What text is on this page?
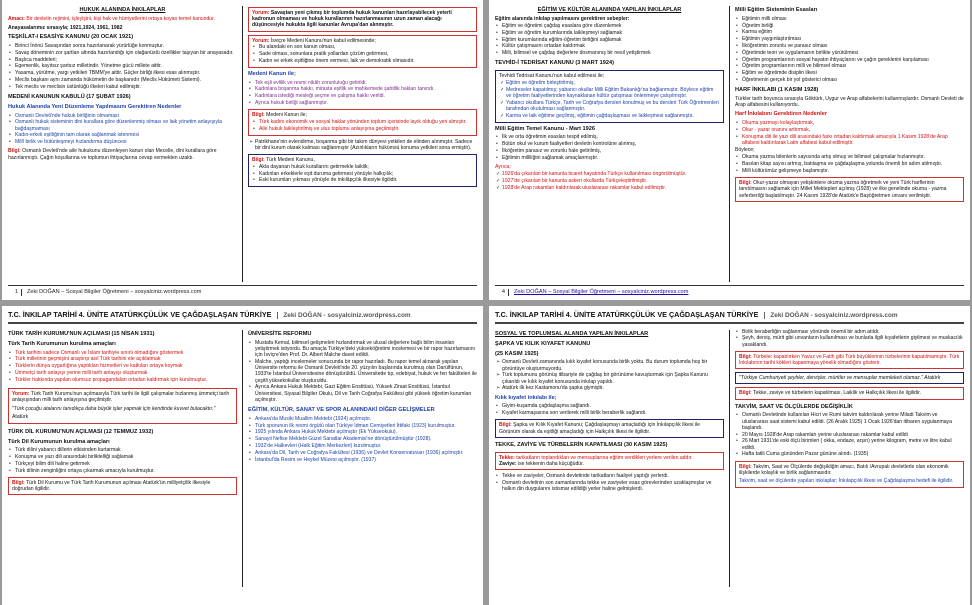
HUKUK ALANINDA İNKILAPLAR

Amacı: Bir devletin rejimini, işleyişini, kişi hak ve hürriyetlerini ortaya koyan temel kanundur.

Anayasalarımız sırasıyla; 1921,1924, 1961, 1982

TEŞKİLAT-I ESASİYE KANUNU (20 OCAK 1921)
• Birinci İnönü Savaşından sonra hazırlanarak yürürlüğe konmuştur.
• Savaş döneminin zor şartları altında hazırlandığı için olağanüstü özellikler taşıyan bir anayasadır.
• Başlıca maddeleri;
• Egemenlik, kayıtsız şartsız milletindir. Yönetme gücü millete aittir.
• Yasama, yürütme, yargı yetkileri TBMM'ye aittir. Güçler birliği ilkesi esas alınmıştır.
• Meclis başkanı aynı zamanda hükümetin de başkanıdır (Meclis Hükümeti Sistemi).
• Tek meclis ve meclisin üstünlüğü ilkeleri kabul edilmiştir.
MEDENİ KANUNUN KABULÜ (17 ŞUBAT 1926)
Hukuk Alanında Yeni Düzenleme Yapılmasını Gerektiren Nedenler
• Osmanlı Devleti'nde hukuk birliğinin olmaması
• Osmanlı hukuk sisteminin dini kurallara göre düzenlenmiş olması ve laik yönetim anlayışıyla bağdaşmaması
• Kadın-erkek eşitliğinin tam olarak sağlanmak istenmesi
• Millî birlik ve bütünleşmeyi hızlandırma düşüncesi

Bilgi: Osmanlı Devleti'nde aile hukukunu düzenleyen kanun olan Mecelle, dini kurallara göre hazırlanmıştı. Çağın koşullarına ve toplumun ihtiyaçlarına cevap vermekten uzaktı.

Yorum: Savaştan yeni çıkmış bir toplumda hukuk kanunları hazırlayabilecek yeterli kadronun olmaması ve hukuk kurallarının hazırlanmasının uzun zaman alacağı düşüncesiyle hukukta ilgili kanunlar Avrupa'dan alınmıştır.
Yorum: İsviçre Medeni Kanunu'nun kabul edilmesinde;
• Bu alandaki en son kanun olması,
• Sade olması, sonunlara pratik yollardan çözüm getirmesi,
• Kadın ve erkek eşitliğine önem vermesi, laik ve demokratik olmasıdır.
Medeni Kanun ile;
• Tek eşli evlilik ve resmi nikâh zorunluluğu getirildi.
• Kadınlara boşanma hakkı, mirasta eşitlik ve mahkemede şahitlik hakları tanındı.
• Kadınlara istediği mesleği seçme ve çalışma hakkı verildi.
• Ayrıca hukuk birliği sağlanmıştır.
Bilgi: Medeni Kanun ile;
• Türk kadını ekonomik ve sosyal haklar yönünden toplum içerisinde layık olduğu yeri almıştır.
• Aile hukuk laikleştirilmiş ve ulus toplumu anlayışına geçilmiştir.
➢ Patrikhane'nin evlendirme, boşanma gibi bir takım dünyevi yetkileri de elinden alınmıştır. Sadece bir dini kurum olarak kalması sağlanmıştır (Azınlıkların hükümsü konuma yetkileri sona ermiştir).
Bilgi: Türk Medeni Kanunu,
• Akla dayanan hukuk kurallarını getirmekle laiklik;
• Kadınları erkeklerle eşit duruma getirmesi yönüyle halkçılık;
• Eski kurumları yıkması yönüyle de inkılâpçılık ilkesiyle ilgilidir.
1 Zeki DOĞAN – Sosyal Bilgiler Öğretmeni – sosyalciniz.wordpress.com
EĞİTİM VE KÜLTÜR ALANINDA YAPILAN İNKILAPLAR

Eğitim alanında inkılap yapılmasını gerektiren sebepler:

• Eğitim ve öğretimi çağdaş esaslara göre düzenlemek
• Eğitim ve öğretim kurumlarında laikleşmeyi sağlamak
• Eğitim kurumlarında eğitim-öğretim birliğini sağlamak
• Kültür çatışmasını ortadan kaldırmak
• Milli, bilimsel ve çağdaş değerlere dosmanınış bir nesil yetiştirmek
TEVHİD-İ TEDRİSAT KANUNU (3 MART 1924)
Tevhidi Tedrisat Kanunu'nun kabul edilmesi ile;
✓ Eğitim ve öğretim birleştirilmiş,
✓ Medreseler kapatılmış; yabancı okullar Milli Eğitim Bakanlığı'na bağlanmıştır. Böylece eğitim ve öğretim faaliyetlerinden kaynaklanan kültür çatışması önlenmeye çalışılmıştır.
✓ Yabancı okullara Türkçe, Tarih ve Coğrafya dersleri konulmuş ve bu dersleri Türk Öğretmenleri tarafından okutulması sağlanmıştır.
✓ Karma ve laik eğitime geçilmiş, eğitimin çağdaşlaşması ve laikleşmesi sağlanmıştır.
Milli Eğitim Temel Kanunu - Mart 1926
• İlk ve orta öğretimin esasları tespit edilmiş,
• Bütün okul ve kurum faaliyetleri devletin kontrolüne alınmış,
• İlköğretim parasız ve zorunlu hale getirilmiş,
• Eğitimin milliliğini sağlamak amaçlanmıştır.

Ayrıca;

✓ 1926'da çıkarılan bir kanunla ticaret hayatında Türkçe kullanılması öngörülmüştür.
✓ 1927'de çıkarılan bir kanunla askeri okullarda Türkçeleştirilmiştir.
✓ 1928'de Arap rakamları kaldırılarak uluslararası rakamlar kabul edilmiştir.
Milli Eğitim Sisteminin Esasları
• Eğitimin milli olması
• Öğretim birliği
• Karma eğitim
• Eğitimin yaygınlaştırılması
• İlköğretimin zorunlu ve parasız olması
• Öğretimde teori ve uygulamanın birlikte yürütülmesi
• Öğretim programlarının sosyal hayatın ihtiyaçlarını ve çağın gereklerini karşılaması
• Öğretim programlarının milli ve bilimsel olması
• Eğitim ve öğretimde disiplin ilkesi
• Öğretmenin gerçek bir yol gösterici olması
HARF İNKILABI (1 KASIM 1928)

Türkler tarih boyunca sırasıyla Göktürk, Uygur ve Arap alfabelerini kullanmışlardır. Osmanlı Devleti de Arap alfabesini kullanıyordu.

Harf İnkılabını Gerektiren Nedenler
• Okuma yazmayı kolaylaştırmak,
• Okur - yazar oranını arttırmak,
• Konuşma dili ile yazı dili arasındaki farkı ortadan kaldırmak amacıyla 1 Kasım 1928'de Arap alfabesi kaldırılarak Latin alfabesi kabul edilmiştir.

Böylece;

• Okuma yazma bilenlerin sayısında artış olmuş ve bilimsel çalışmalar hızlanmıştır.
• Basılan kitap sayısı artmış, batılaşma ve çağdaşlaşma yolunda önemli bir adım atılmıştır.
• Milli kültürümüz gelişmeye başlamıştır.
Bilgi: Okur-yazar olmayan yetişkinlere okuma yazma öğretmek ve yeni Türk harflerinin tanıtılmasını sağlamak için Millet Mektepleri açılmış (1928) ve ilke genelinde okuma - yazma seferberliği başlatılmıştır. 24 Kasım 1928'de Atatürk'e Başöğretmen unvanı verilmiştir.
4 Zeki DOĞAN – Sosyal Bilgiler Öğretmeni – sosyalciniz.wordpress.com
T.C. İNKILAP TARİHİ 4. ÜNİTE ATATÜRKÇÜLÜK VE ÇAĞDAŞLAŞAN TÜRKİYE Zeki DOĞAN - sosyalciniz.wordpress.com
TÜRK TARİH KURUMU'NUN AÇILMASI (15 NİSAN 1931)
Türk Tarih Kurumunun kurulma amaçları
• Türk tarihini sadece Osmanlı ve İslam tarihiyle sınırlı olmadığını göstermek
• Türk milletinin geçmişini araştırıp asıl Türk tarihini ele açıklatmak
• Türklerin dünya uygarlığına yaptıkları hizmetleri ve katkıları ortaya koymak
• Ümmetçi tarih anlayışı yerine milli tarih anlayışı oluşturmak
• Türkler hakkında yapılan olumsuz propagandaları ortadan kaldırmak için kurulmuştur.
Yorum: Türk Tarih Kurumu'nun açılmasıyla Türk tarihi ile ilgili çalışmalar hızlanmış ümmetçi tarih anlayışından milli tarih anlayışına geçilmiştir.

"Türk çocuğu atalarını tanıdıkça daha büyük işler yapmak için kendinde kuvvet bulacaktır."

Atatürk

TÜRK DİL KURUMU'NUN AÇILMASI (12 TEMMUZ 1932)
Türk Dil Kurumunun kurulma amaçları
• Türk dilini yabancı dillerin etkisinden kurtarmak
• Konuşma ve yazı dili arasındaki birliktelliği sağlamak
• Türkçeyi bilim dili haline getirmek
• Türk dilinin zenginliğini ortaya çıkarmak amacıyla kurulmuştur.
Bilgi: Türk Dil Kurumu ve Türk Tarih Kurumunun açılması Atatürk'ün milliyetçilik ilkesiyle doğrudan ilgilidir.
ÜNİVERSİTE REFORMU
• Mustafa Kemal, bilimsel gelişmeleri hızlandırmak ve ulusal değerlere bağlı bilim insanları yetiştirmek istiyordu. Bu amaçla Türkiye'deki yükseköğretimi incelemesi ve bir rapor hazırlamasını için İsviçre'den Prof. Dr. Albert Malche davet edildi.
• Malche, yaptığı incelemeler sonucunda bir rapor hazırladı. Bu rapor temel alınarak yapılan Üniversite reformu ile Osmanlı Devleti'nde 20. yüzyılın başlarında kurulmuş olan Darülfünun, 1933'te İstanbul Üniversitesine dönüştürüldü. Üniversitede tıp, edebiyat, hukuk ve fen fakülteleri ile çeşitli yüksekokullar oluşturuldu.
• Ayrıca Ankara Hukuk Mektebi, Gazi Eğitim Enstitüsü, Yüksek Ziraat Enstitüsü, İstanbul Üniversitesi, Siyasal Bilgiler Okulu, Dil ve Tarih Coğrafya Fakültesi gibi yüksek öğretim kurumları açılmıştır.
EĞİTİM, KÜLTÜR, SANAT VE SPOR ALANINDAKİ DİĞER GELİŞMELER
• Ankara'da Musiki Muallim Mektebi (1924) açılmıştır.
• Türk sporunun ilk resmi örgütü olan Türkiye İdman Cemiyetleri İttifakı (1923) kurulmuştur.
• 1925 yılında Ankara Hukuk Mektebi açılmıştır (Ek Yükseokulu).
• Sanayii Nefise Mektebi Güzel Sanatlar Akademisi'ne dönüştürülmüştür (1928).
• 1932'de Halkevleri (Halk Eğitim Merkezleri) kurulmuştur.
• Ankara'da Dil, Tarih ve Coğrafya Fakültesi (1936) ve Devlet Konservatuvarı (1936) açılmıştır.
• İstanbul'da Resim ve Heykel Müzesi açılmıştır. (1937)
T.C. İNKILAP TARİHİ 4. ÜNİTE ATATÜRKÇÜLÜK VE ÇAĞDAŞLAŞAN TÜRKİYE Zeki DOĞAN - sosyalciniz.wordpress.com
SOSYAL VE TOPLUMSAL ALANDA YAPILAN İNKILAPLAR
ŞAPKA VE KILIK KIYAFET KANUNU
(25 KASIM 1925)
➢ Osmanlı Devleti zamanında kılık kıyafet konusunda birlik yoktu. Bu durum toplumda hoş bir görüntüye oluşturmuyordu.
➢ Türk toplumunu görünüş itibariyle de çağdaş bir görünüme kavuşturmak için Şapka Kanunu çıkarıldı ve kılık kıyafet konusunda inkılap yapıldı.
➢ Atatürk ilk kez Kastamonu'da şapka giymiştir.
Kılık kıyafet inkılabı ile;
• Giyim-kuşamda çağdaşlaşma sağlandı.
• Kıyafet karmaşasına son verilerek milli birlik beraberlik sağlandı.
Bilgi: Şapka ve Kılık Kıyafet Kanunu; Çağdaşlaşmayı amaçladığı için İnkılapçılık ilkesi ile Görünüm olarak da eşitliği amaçladığı için Halkçılık ilkesi ile ilgilidir.
TEKKE, ZAVİYE VE TÜRBELERİN KAPATILMASI (30 KASIM 1925)
Tekke: tarikatların toplandıkları ve mensuplarına eğitim verdikleri yerlere verilen addır.
Zaviye: ise tekkenin daha küçüğüdür.
• Tekke ve zaviyeler, Osmanlı devletinde tarikatların faaliyet yaptığı yerlerdi.
• Osmanlı devletinin son zamanlarında tekke ve zaviyeler esas görevlerinden uzaklaşmışlar ve halkın din duygularını istismar edildiği yerler haline gelmişlerdi.
• Birlik beraberliğin sağlanması yönünde önemli bir adım atıldı.
• Şeyh, derviş, mürit gibi unvanların kullanılması ve bunlarla ilgili kıyafetlerin giyilmesi ve muskacılık yasaklandı.
Bilgi: Türbeler kapatılırken Yavuz ve Fatih gibi Türk büyüklerinin türbelerinin kapatılmamıştır. Türk İnkılabının tarihi kökleri kapanmaya yönelik olmadığını gösterir.
"Türkiye Cumhuriyeti şeyhler, dervişler, müritler ve mensuplar memleketi olamaz." Atatürk
Bilgi: Tekke, zaviye ve türbelerin kapatılması, Laiklik ve Halkçılık ilkesi ile ilgilidir.
TAKVİM, SAAT VE ÖLÇÜLERDE DEĞİŞİKLİK
• Osmanlı Devletinde kullanılan Hicri ve Rumi takvim kaldırılarak yerine Miladi Takvim ve uluslararası saat sistemi kabul edildi. (26 Aralık 1925) 1 Ocak 1926'dan itibaren uygulanmaya başlandı.
• 20 Mayıs 1928'de Arap rakamları yerine uluslararası rakamlar kabul edildi
• 26 Mart 1931'de eski ölçü birimleri ( okka, endaze, arşın) yerine kilogram, metre ve litre kabul edildi.
• Hafta tatili Cuma gününden Pazar gününe alındı. (1935)
Bilgi: Takvim, Saat ve Ölçülerde değişikliğin amacı, Batılı /Avrupalı devletlerle olan ekonomik ilişkilerde kolaylık ve birlik sağlanmasıdır.

Takvim, saat ve ölçülerde yapılan inkılaplar; İnkılapçılık ilkesi ve Çağdaşlaşma hedefi ile ilgilidir.
